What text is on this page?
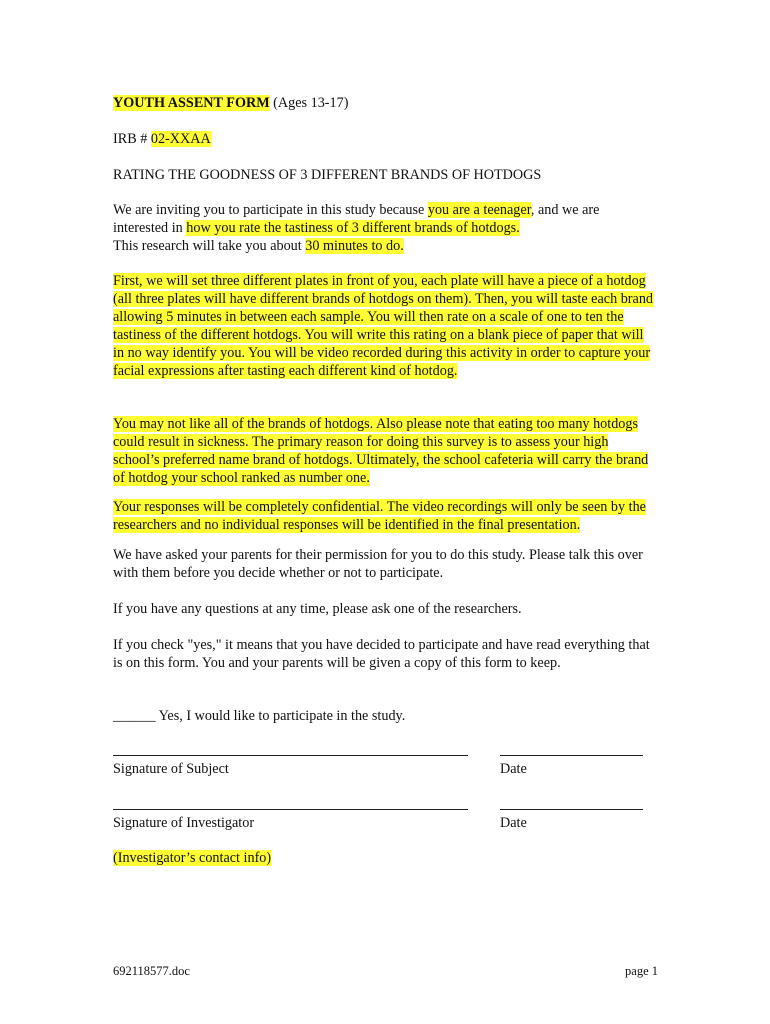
YOUTH ASSENT FORM (Ages 13-17)
IRB # 02-XXAA
RATING THE GOODNESS OF 3 DIFFERENT BRANDS OF HOTDOGS
We are inviting you to participate in this study because you are a teenager, and we are interested in how you rate the tastiness of 3 different brands of hotdogs.
This research will take you about 30 minutes to do.
First, we will set three different plates in front of you, each plate will have a piece of a hotdog (all three plates will have different brands of hotdogs on them). Then, you will taste each brand allowing 5 minutes in between each sample. You will then rate on a scale of one to ten the tastiness of the different hotdogs. You will write this rating on a blank piece of paper that will in no way identify you. You will be video recorded during this activity in order to capture your facial expressions after tasting each different kind of hotdog.
You may not like all of the brands of hotdogs. Also please note that eating too many hotdogs could result in sickness. The primary reason for doing this survey is to assess your high school’s preferred name brand of hotdogs. Ultimately, the school cafeteria will carry the brand of hotdog your school ranked as number one.
Your responses will be completely confidential. The video recordings will only be seen by the researchers and no individual responses will be identified in the final presentation.
We have asked your parents for their permission for you to do this study. Please talk this over with them before you decide whether or not to participate.
If you have any questions at any time, please ask one of the researchers.
If you check "yes," it means that you have decided to participate and have read everything that is on this form. You and your parents will be given a copy of this form to keep.
______ Yes, I would like to participate in the study.
Signature of Subject	Date
Signature of Investigator	Date
(Investigator’s contact info)
692118577.doc	page 1
